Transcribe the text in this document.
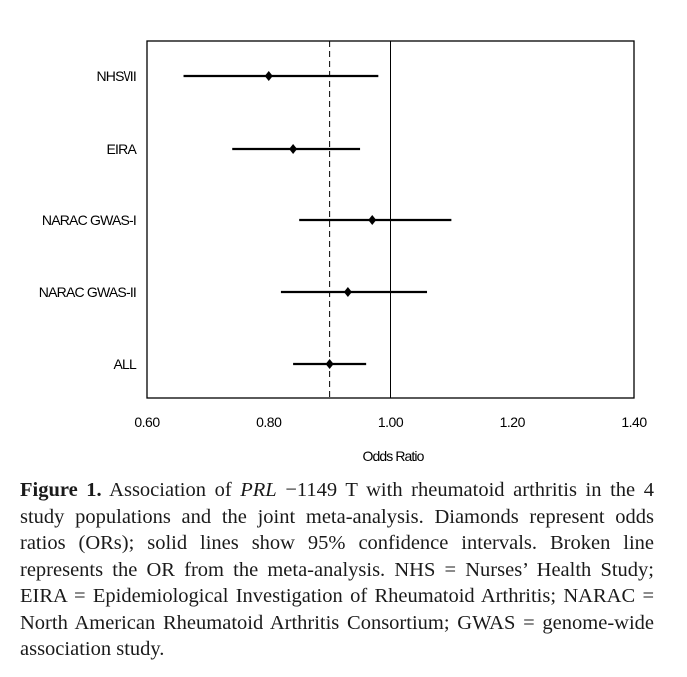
NHS\/II
EIRA
NARAC GWAS-I
NARAC GWAS-II
ALL
0.60	0.80	1.00	1.20	1.40
Odds Ratio
Figure 1. Association of PRL −1149 T with rheumatoid arthritis in the 4 study populations and the joint meta-analysis. Diamonds represent odds ratios (ORs); solid lines show 95% confidence intervals. Broken line represents the OR from the meta-analysis. NHS = Nurses’ Health Study; EIRA = Epidemiological Investigation of Rheumatoid Arthritis; NARAC = North American Rheumatoid Arthritis Consortium; GWAS = genome-wide association study.
